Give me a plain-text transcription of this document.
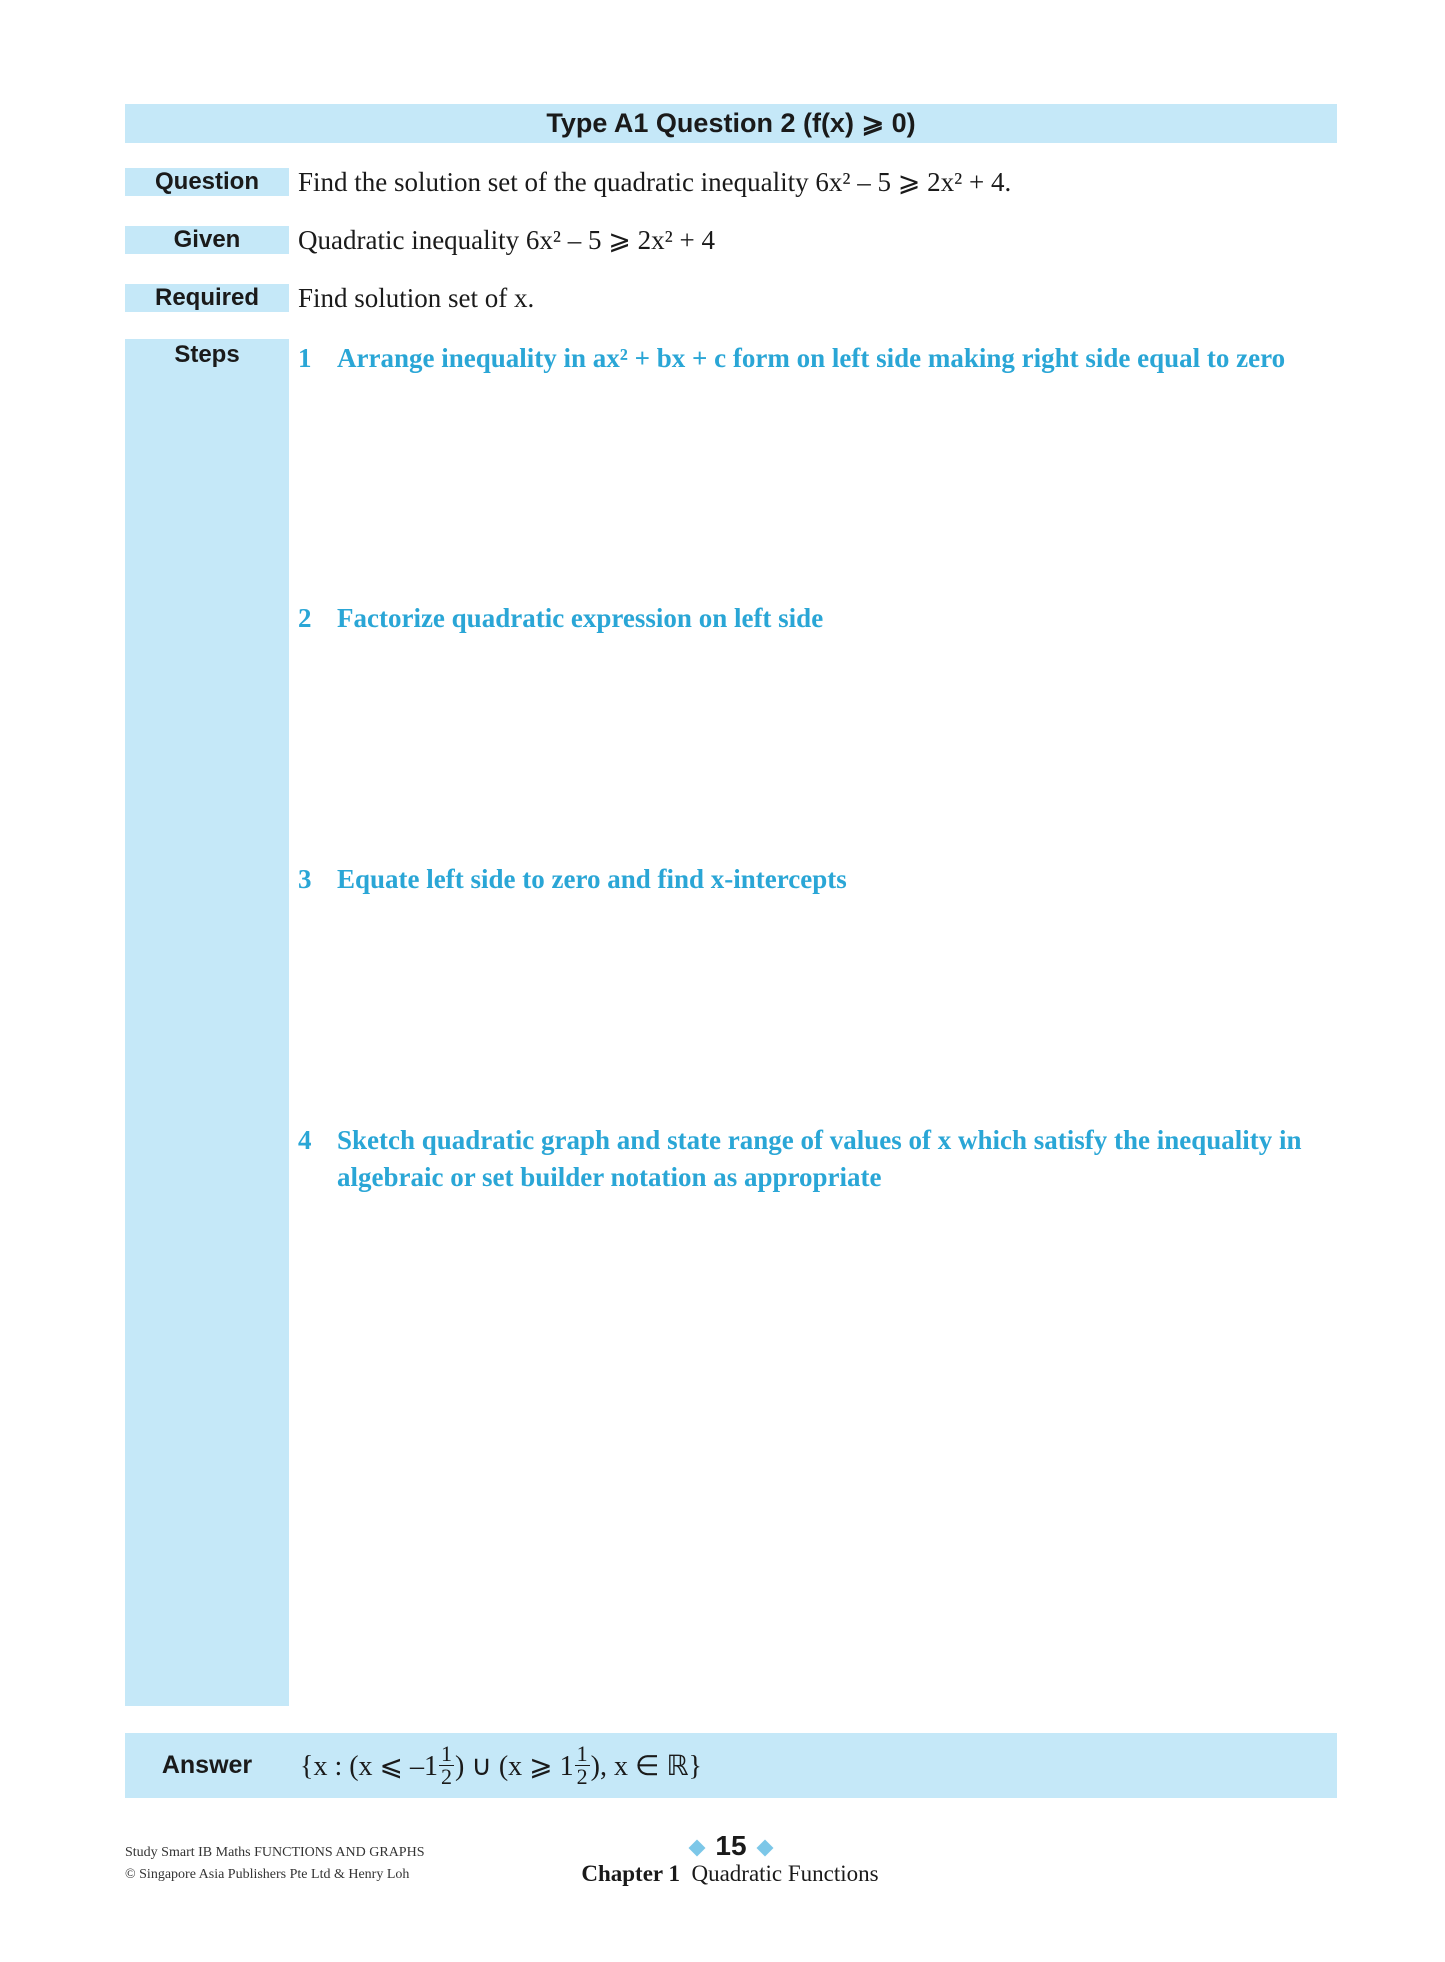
Type A1 Question 2 (f(x) ⩾ 0)
Question	Find the solution set of the quadratic inequality 6x² – 5 ⩾ 2x² + 4.
Given	Quadratic inequality 6x² – 5 ⩾ 2x² + 4
Required	Find solution set of x.
Steps	1 Arrange inequality in ax² + bx + c form on left side making right side equal to zero
2 Factorize quadratic expression on left side
3 Equate left side to zero and find x-intercepts
4 Sketch quadratic graph and state range of values of x which satisfy the inequality in algebraic or set builder notation as appropriate
Answer	{x : (x ⩽ $-1 \frac{1}{2}$ ) ∪ (x ⩾ $1 \frac{1}{2}$ ), x ∈ ℝ}
Study Smart IB Maths FUNCTIONS AND GRAPHS
© Singapore Asia Publishers Pte Ltd & Henry Loh
15
Chapter 1 Quadratic Functions
